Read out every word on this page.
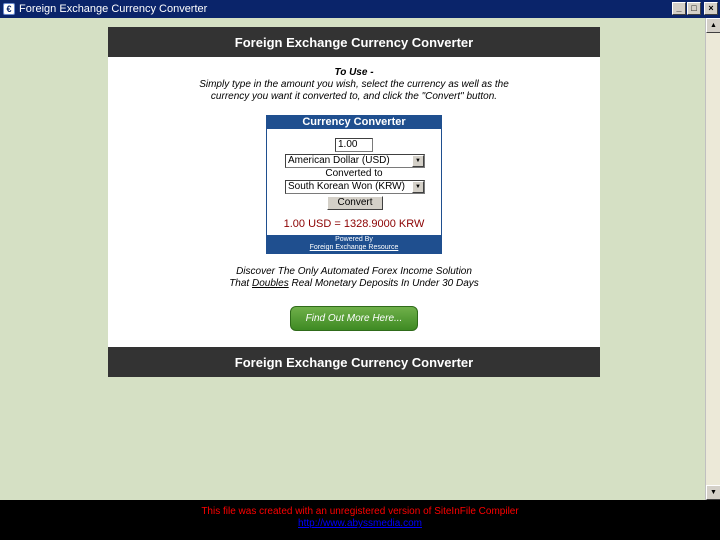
€ Foreign Exchange Currency Converter	_	□	×
Foreign Exchange Currency Converter
To Use -
Simply type in the amount you wish, select the currency as well as the
currency you want it converted to, and click the "Convert" button.
Currency Converter
1.00
American Dollar (USD)	▼
Converted to
South Korean Won (KRW)	▼
Convert
1.00 USD = 1328.9000 KRW
Powered By
Foreign Exchange Resource
Discover The Only Automated Forex Income Solution
That Doubles Real Monetary Deposits In Under 30 Days
Find Out More Here...
Foreign Exchange Currency Converter
▲
▼
This file was created with an unregistered version of SiteInFile Compiler
http://www.abyssmedia.com
